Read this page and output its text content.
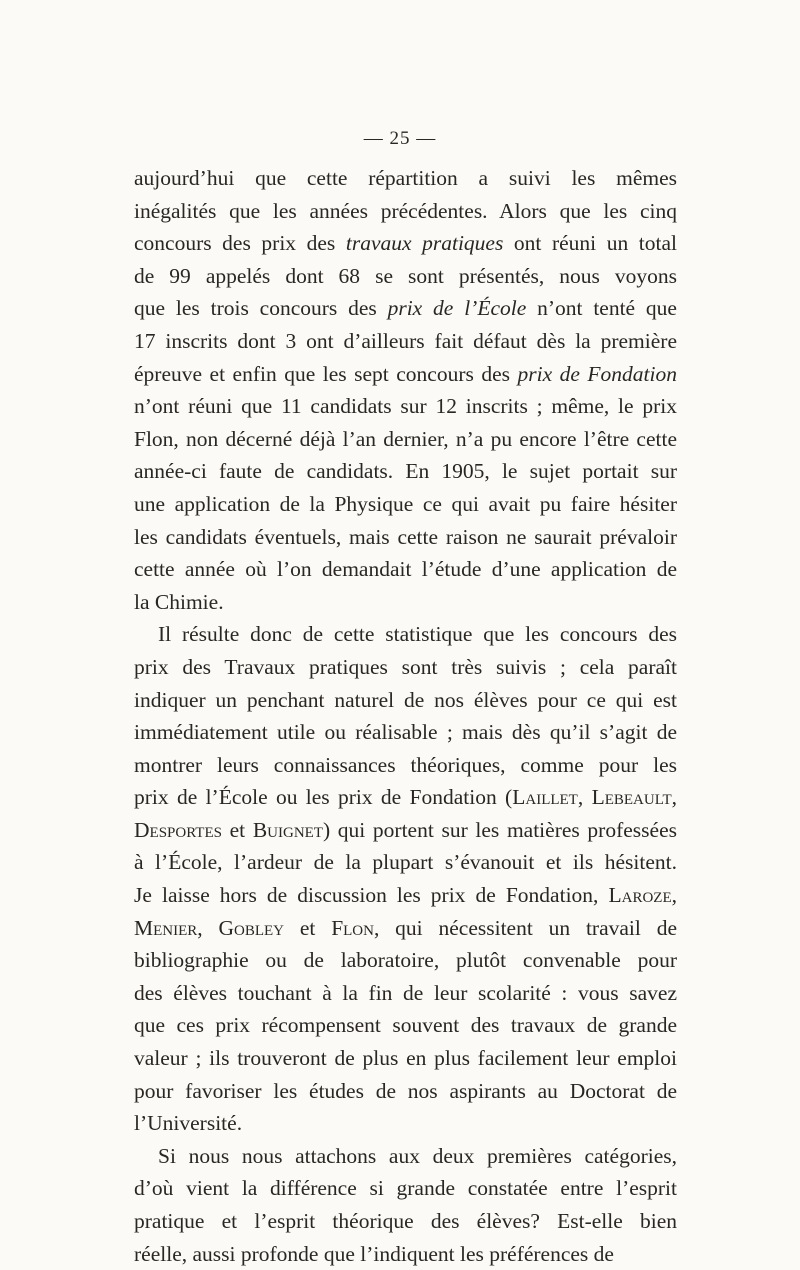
— 25 —
aujourd’hui que cette répartition a suivi les mêmes
inégalités que les années précédentes. Alors que les cinq
concours des prix des travaux pratiques ont réuni un total
de 99 appelés dont 68 se sont présentés, nous voyons
que les trois concours des prix de l’École n’ont tenté que
17 inscrits dont 3 ont d’ailleurs fait défaut dès la première
épreuve et enfin que les sept concours des prix de Fondation
n’ont réuni que 11 candidats sur 12 inscrits ; même, le prix
Flon, non décerné déjà l’an dernier, n’a pu encore l’être cette
année-ci faute de candidats. En 1905, le sujet portait sur
une application de la Physique ce qui avait pu faire hésiter
les candidats éventuels, mais cette raison ne saurait prévaloir
cette année où l’on demandait l’étude d’une application de
la Chimie.
Il résulte donc de cette statistique que les concours des
prix des Travaux pratiques sont très suivis ; cela paraît
indiquer un penchant naturel de nos élèves pour ce qui est
immédiatement utile ou réalisable ; mais dès qu’il s’agit de
montrer leurs connaissances théoriques, comme pour les
prix de l’École ou les prix de Fondation (Laillet, Lebeault,
Desportes et Buignet) qui portent sur les matières professées
à l’École, l’ardeur de la plupart s’évanouit et ils hésitent.
Je laisse hors de discussion les prix de Fondation, Laroze,
Menier, Gobley et Flon, qui nécessitent un travail de
bibliographie ou de laboratoire, plutôt convenable pour
des élèves touchant à la fin de leur scolarité : vous savez
que ces prix récompensent souvent des travaux de grande
valeur ; ils trouveront de plus en plus facilement leur emploi
pour favoriser les études de nos aspirants au Doctorat de
l’Université.
Si nous nous attachons aux deux premières catégories,
d’où vient la différence si grande constatée entre l’esprit
pratique et l’esprit théorique des élèves? Est-elle bien
réelle, aussi profonde que l’indiquent les préférences de
